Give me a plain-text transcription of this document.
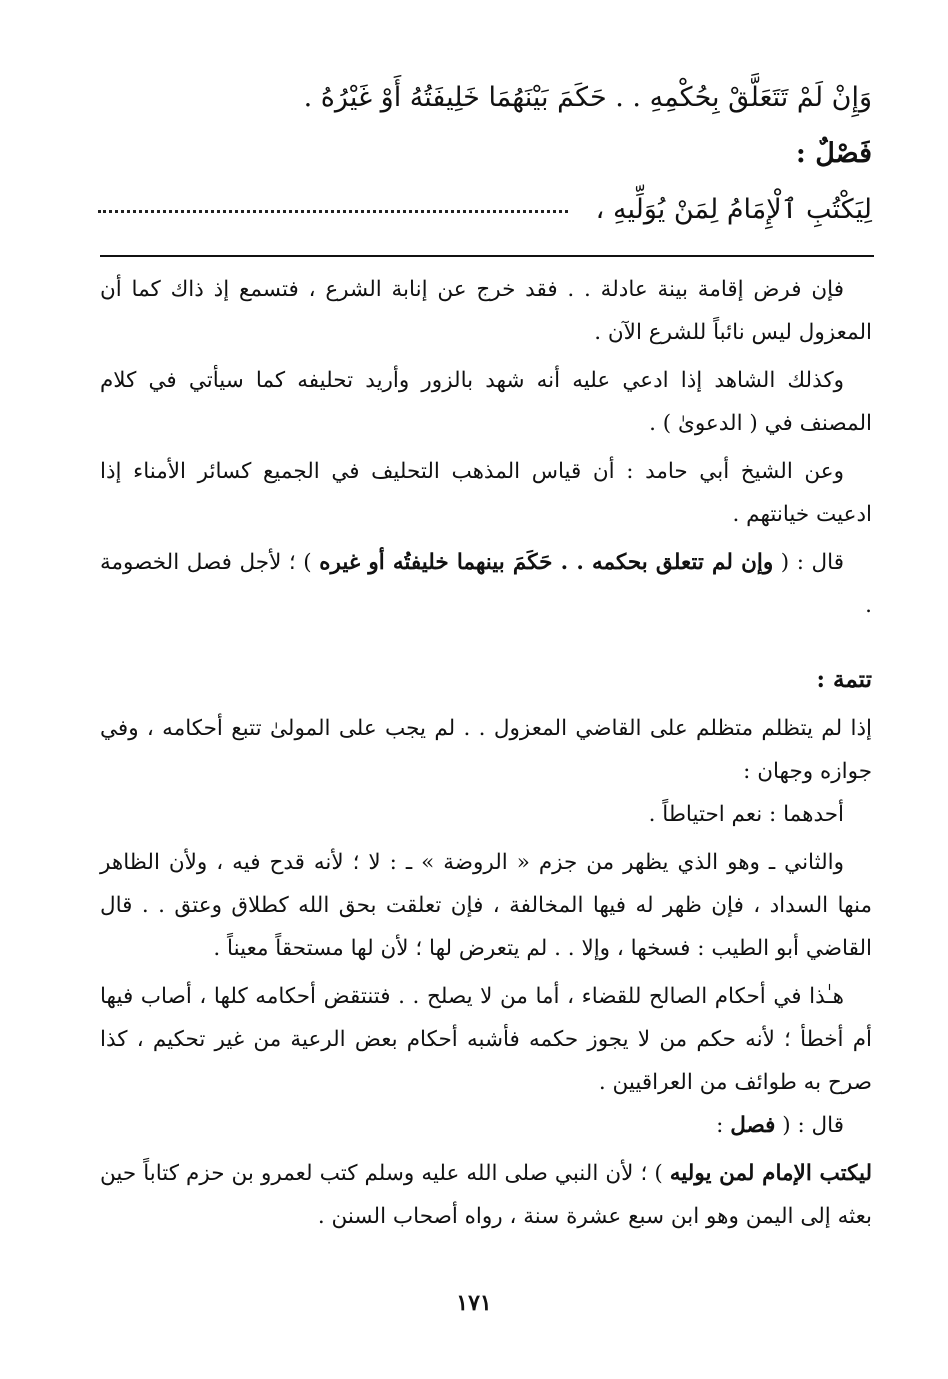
وَإِنْ لَمْ تَتَعَلَّقْ بِحُكْمِهِ . . حَكَمَ بَيْنَهُمَا خَلِيفَتُهُ أَوْ غَيْرُهُ .
فَصْلٌ :
لِيَكْتُبِ ٱلْإِمَامُ لِمَنْ يُوَلِّيهِ ،

فإن فرض إقامة بينة عادلة . . فقد خرج عن إنابة الشرع ، فتسمع إذ ذاك كما أن المعزول ليس نائباً للشرع الآن .

وكذلك الشاهد إذا ادعي عليه أنه شهد بالزور وأريد تحليفه كما سيأتي في كلام المصنف في ( الدعوىٰ ) .

وعن الشيخ أبي حامد : أن قياس المذهب التحليف في الجميع كسائر الأمناء إذا ادعيت خيانتهم .

قال : ( وإن لم تتعلق بحكمه . . حَكَمَ بينهما خليفتُه أو غيره ) ؛ لأجل فصل الخصومة .

تتمة :

إذا لم يتظلم متظلم على القاضي المعزول . . لم يجب على المولىٰ تتبع أحكامه ، وفي جوازه وجهان :

أحدهما : نعم احتياطاً .

والثاني ـ وهو الذي يظهر من جزم « الروضة » ـ : لا ؛ لأنه قدح فيه ، ولأن الظاهر منها السداد ، فإن ظهر له فيها المخالفة ، فإن تعلقت بحق الله كطلاق وعتق . . قال القاضي أبو الطيب : فسخها ، وإلا . . لم يتعرض لها ؛ لأن لها مستحقاً معيناً .

هـٰذا في أحكام الصالح للقضاء ، أما من لا يصلح . . فتنتقض أحكامه كلها ، أصاب فيها أم أخطأ ؛ لأنه حكم من لا يجوز حكمه فأشبه أحكام بعض الرعية من غير تحكيم ، كذا صرح به طوائف من العراقيين .

قال : ( فصل :

ليكتب الإمام لمن يوليه ) ؛ لأن النبي صلى الله عليه وسلم كتب لعمرو بن حزم كتاباً حين بعثه إلى اليمن وهو ابن سبع عشرة سنة ، رواه أصحاب السنن .

١٧١
